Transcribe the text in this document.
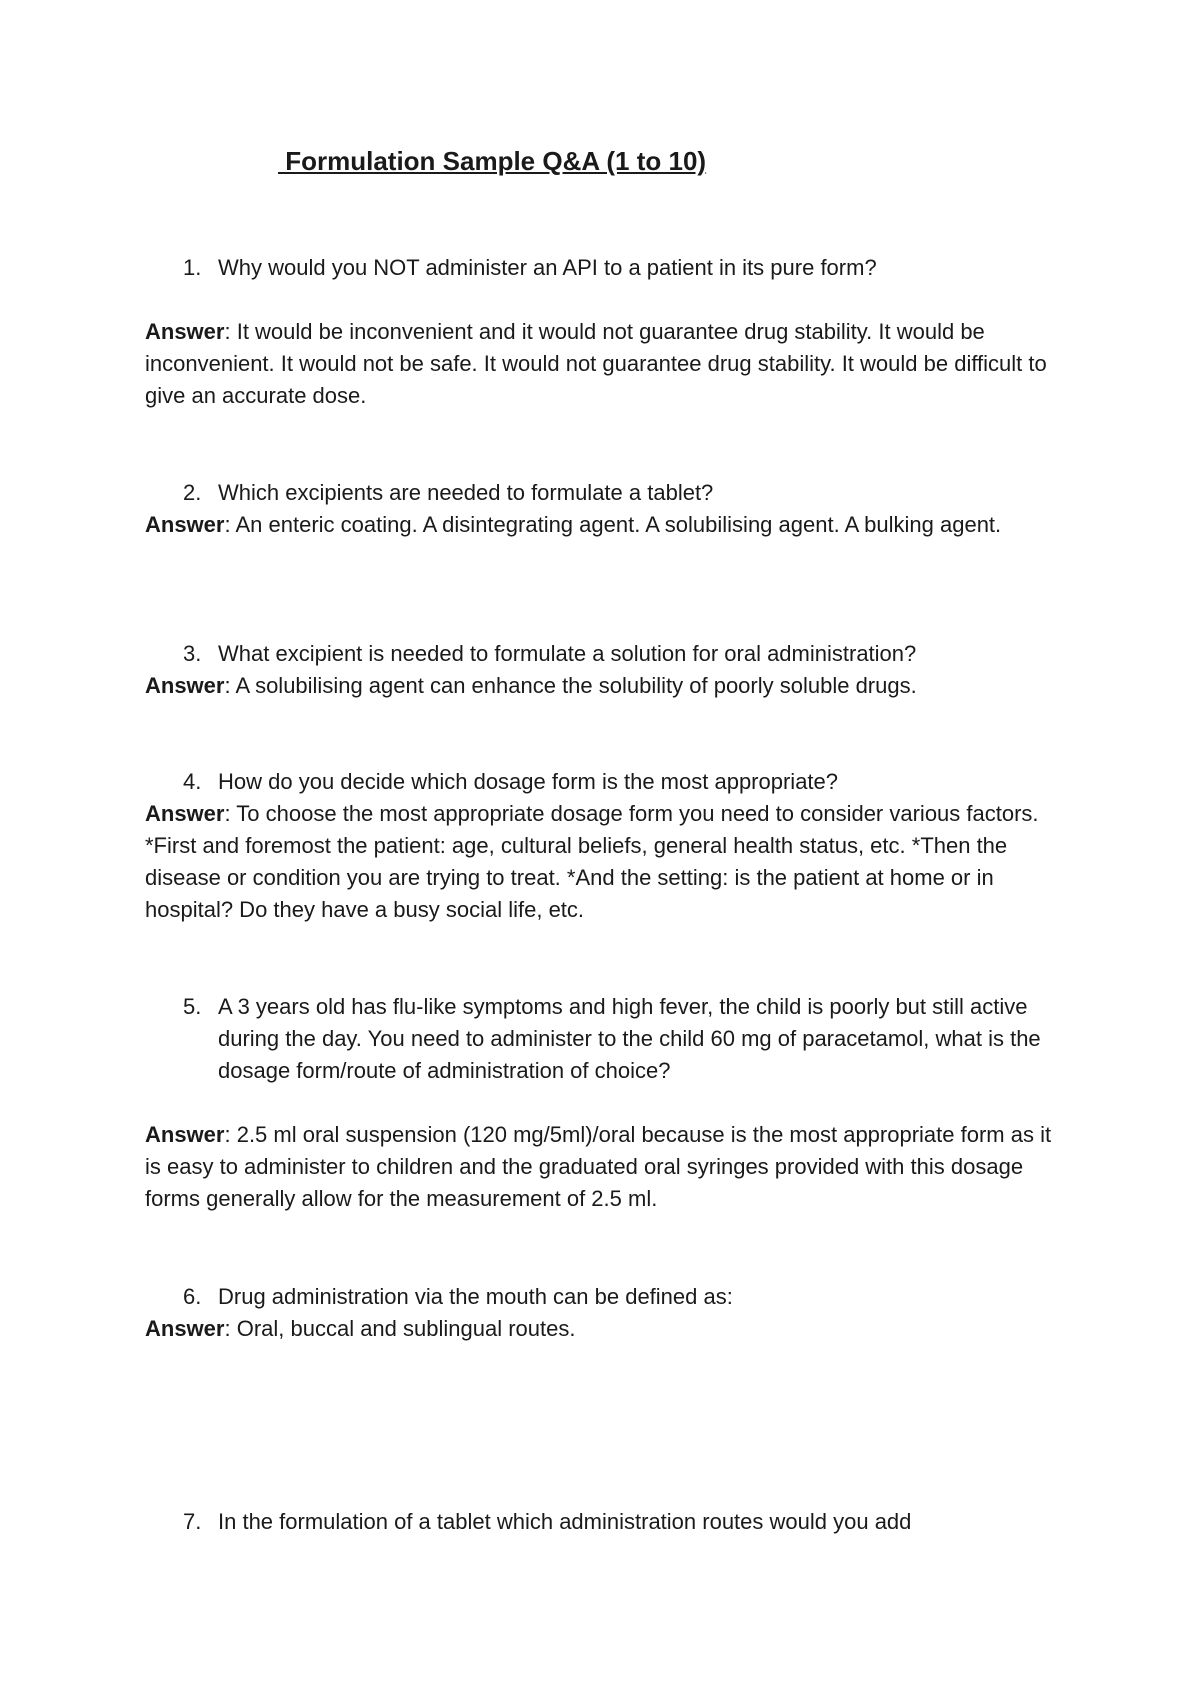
Formulation Sample Q&A (1 to 10)

1. Why would you NOT administer an API to a patient in its pure form?

Answer: It would be inconvenient and it would not guarantee drug stability. It would be inconvenient. It would not be safe. It would not guarantee drug stability. It would be difficult to give an accurate dose.

2. Which excipients are needed to formulate a tablet?

Answer: An enteric coating. A disintegrating agent. A solubilising agent. A bulking agent.

3. What excipient is needed to formulate a solution for oral administration?

Answer: A solubilising agent can enhance the solubility of poorly soluble drugs.

4. How do you decide which dosage form is the most appropriate?

Answer: To choose the most appropriate dosage form you need to consider various factors. *First and foremost the patient: age, cultural beliefs, general health status, etc. *Then the disease or condition you are trying to treat. *And the setting: is the patient at home or in hospital? Do they have a busy social life, etc.

5. A 3 years old has flu-like symptoms and high fever, the child is poorly but still active during the day. You need to administer to the child 60 mg of paracetamol, what is the dosage form/route of administration of choice?

Answer: 2.5 ml oral suspension (120 mg/5ml)/oral because is the most appropriate form as it is easy to administer to children and the graduated oral syringes provided with this dosage forms generally allow for the measurement of 2.5 ml.

6. Drug administration via the mouth can be defined as:

Answer: Oral, buccal and sublingual routes.

7. In the formulation of a tablet which administration routes would you add
